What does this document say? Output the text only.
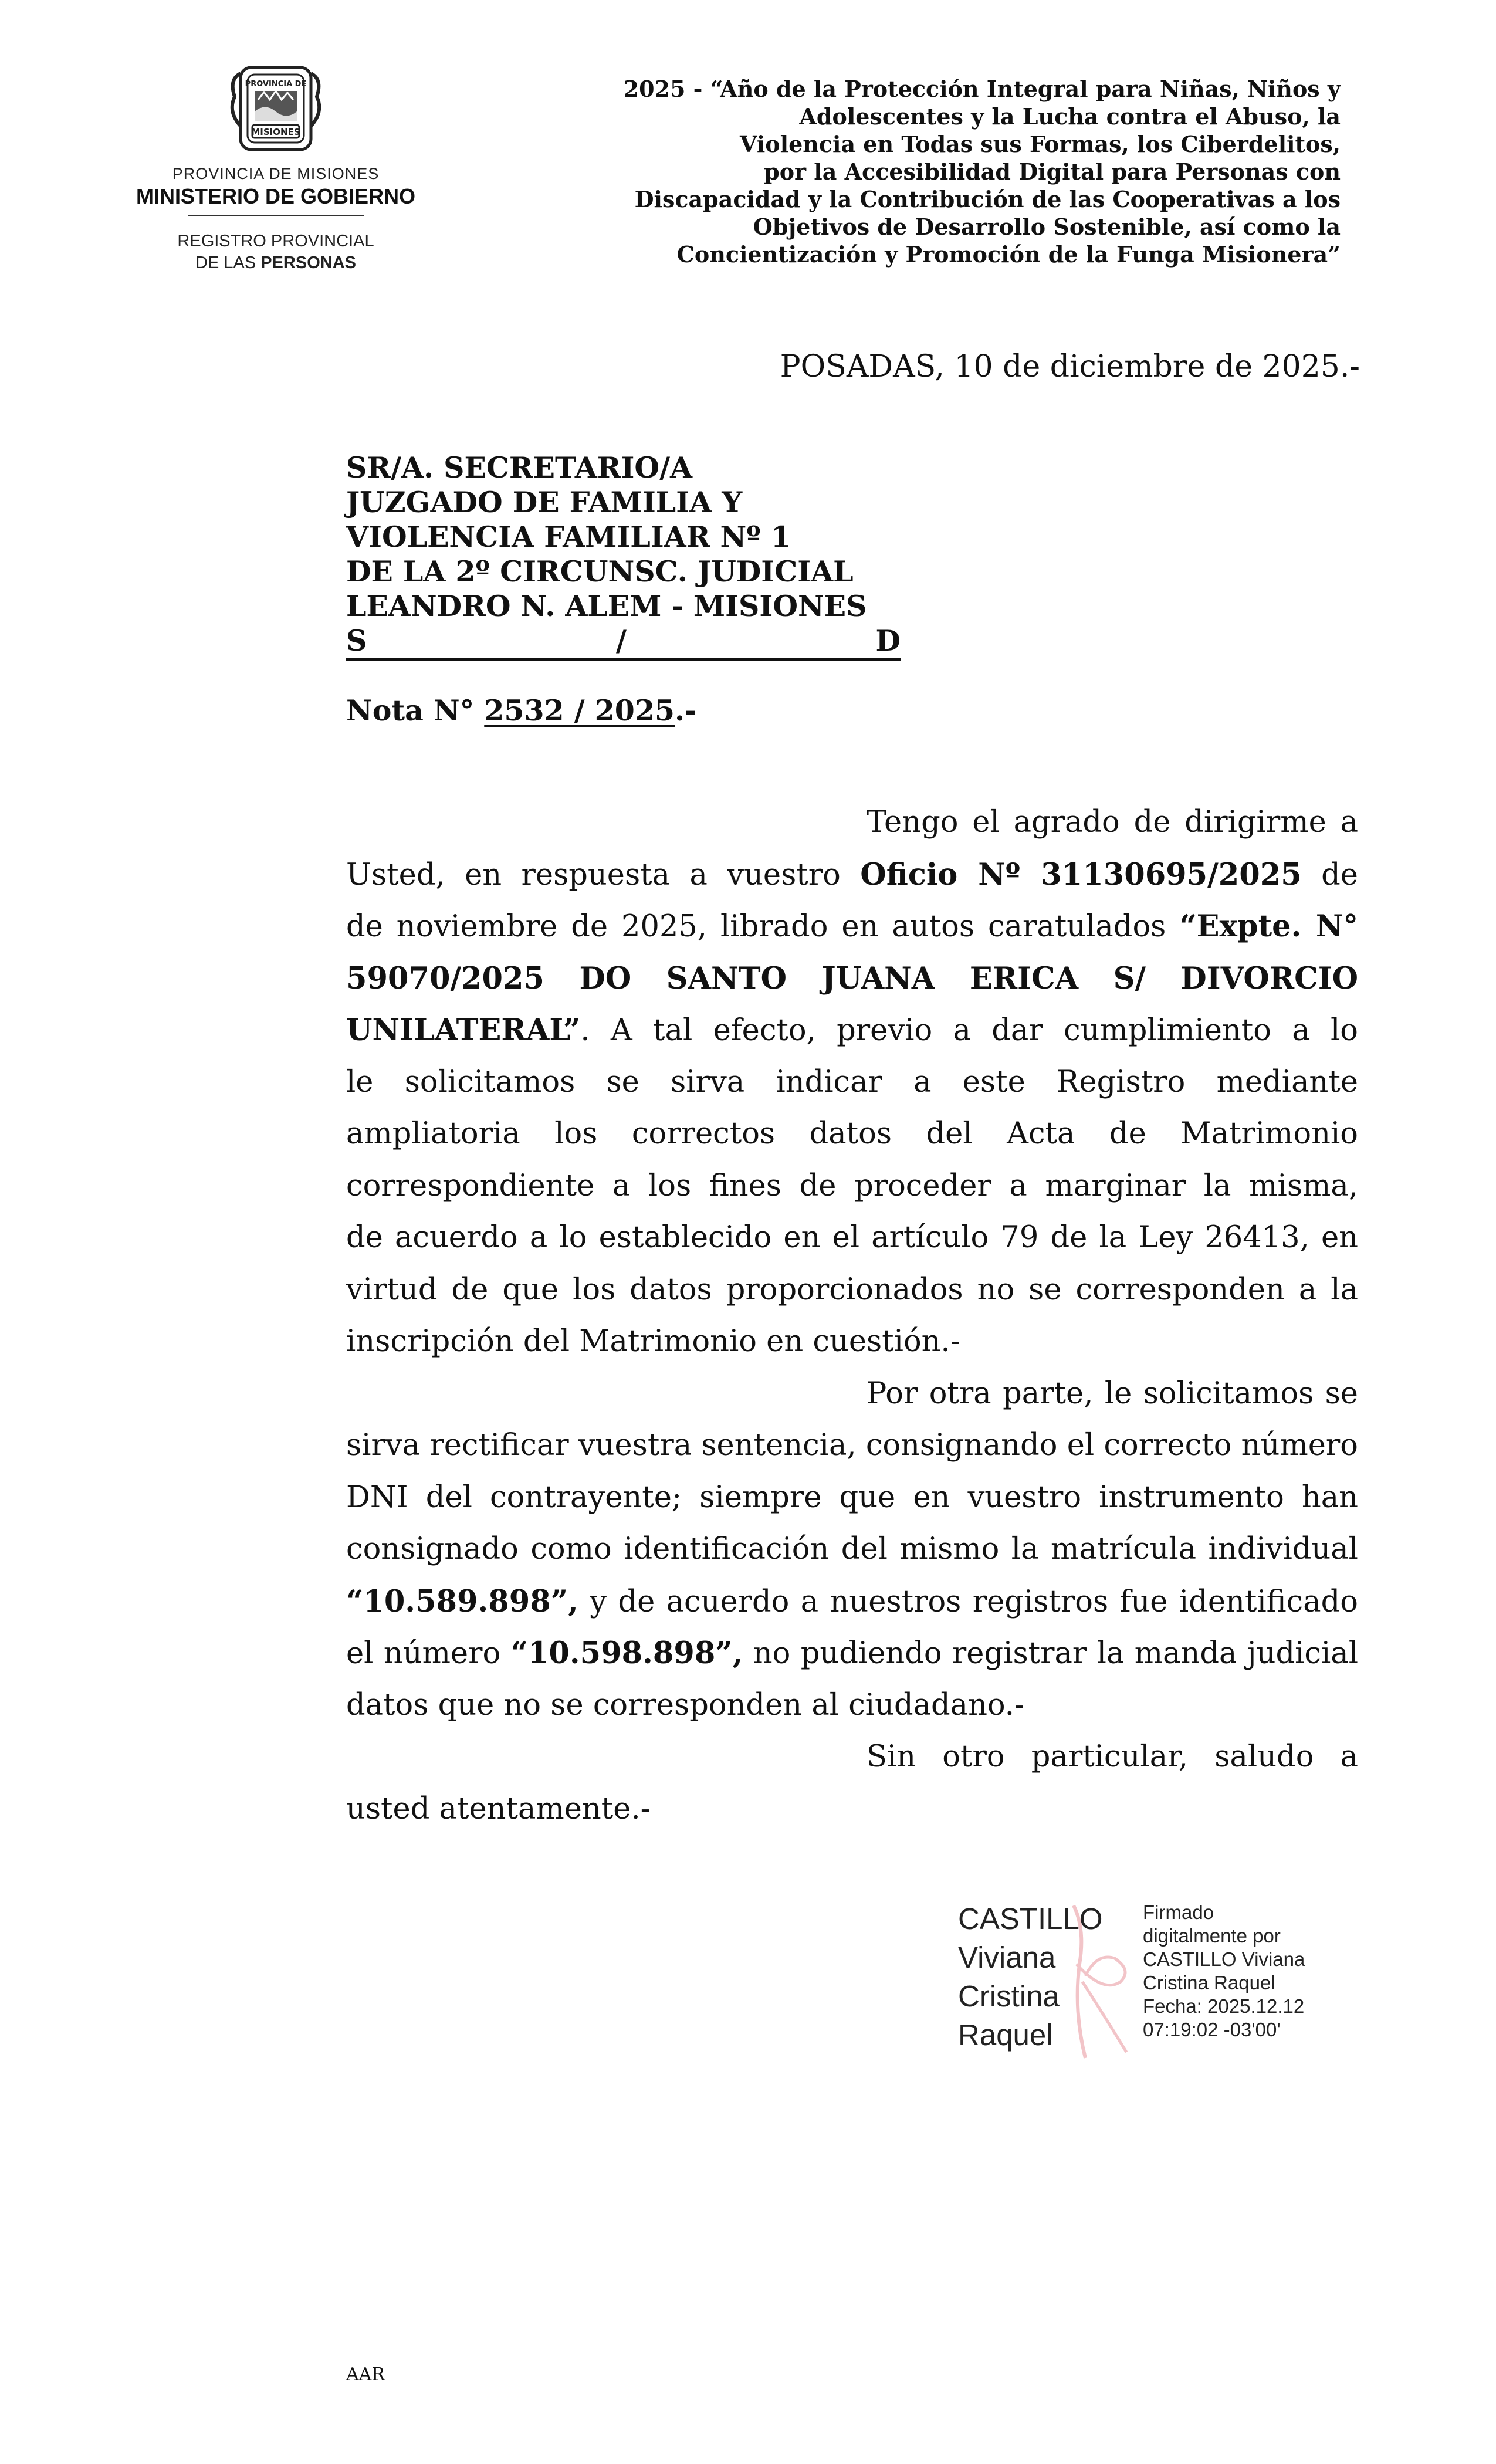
PROVINCIA DE
MISIONES
PROVINCIA DE MISIONES
MINISTERIO DE GOBIERNO
REGISTRO PROVINCIAL
DE LAS PERSONAS
2025 - “Año de la Protección Integral para Niñas, Niños y
Adolescentes y la Lucha contra el Abuso, la
Violencia en Todas sus Formas, los Ciberdelitos,
por la Accesibilidad Digital para Personas con
Discapacidad y la Contribución de las Cooperativas a los
Objetivos de Desarrollo Sostenible, así como la
Concientización y Promoción de la Funga Misionera”
POSADAS, 10 de diciembre de 2025.-
SR/A. SECRETARIO/A
JUZGADO DE FAMILIA Y
VIOLENCIA FAMILIAR Nº 1
DE LA 2º CIRCUNSC. JUDICIAL
LEANDRO N. ALEM - MISIONES
S	/	D
Nota N° 2532 / 2025.-
Tengo el agrado de dirigirme a
Usted, en respuesta a vuestro Oficio Nº 31130695/2025 de
de noviembre de 2025, librado en autos caratulados “Expte. N°
59070/2025 DO SANTO JUANA ERICA S/ DIVORCIO
UNILATERAL”. A tal efecto, previo a dar cumplimiento a lo
le solicitamos se sirva indicar a este Registro mediante
ampliatoria los correctos datos del Acta de Matrimonio
correspondiente a los fines de proceder a marginar la misma,
de acuerdo a lo establecido en el artículo 79 de la Ley 26413, en
virtud de que los datos proporcionados no se corresponden a la
inscripción del Matrimonio en cuestión.-
Por otra parte, le solicitamos se
sirva rectificar vuestra sentencia, consignando el correcto número
DNI del contrayente; siempre que en vuestro instrumento han
consignado como identificación del mismo la matrícula individual
“10.589.898”, y de acuerdo a nuestros registros fue identificado
el número “10.598.898”, no pudiendo registrar la manda judicial
datos que no se corresponden al ciudadano.-
Sin otro particular, saludo a
usted atentamente.-
CASTILLO
Viviana
Cristina
Raquel
Firmado
digitalmente por
CASTILLO Viviana
Cristina Raquel
Fecha: 2025.12.12
07:19:02 -03'00'
AAR
